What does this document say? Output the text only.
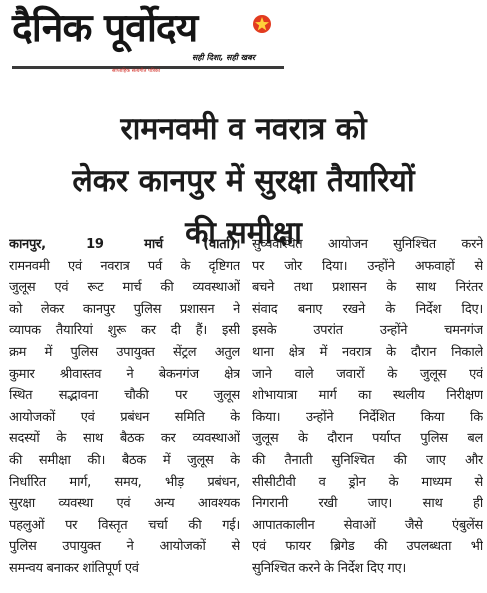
दैनिक पूर्वोदय
सही दिशा, सही खबर
साप्ताहिक सत्यगीत पत्रिका
रामनवमी व नवरात्र को
लेकर कानपुर में सुरक्षा तैयारियों
की समीक्षा
कानपुर, 19 मार्च (वार्ता)।
रामनवमी एवं नवरात्र पर्व के दृष्टिगत
जुलूस एवं रूट मार्च की व्यवस्थाओं
को लेकर कानपुर पुलिस प्रशासन ने
व्यापक तैयारियां शुरू कर दी हैं। इसी
क्रम में पुलिस उपायुक्त सेंट्रल अतुल
कुमार श्रीवास्तव ने बेकनगंज क्षेत्र
स्थित सद्भावना चौकी पर जुलूस
आयोजकों एवं प्रबंधन समिति के
सदस्यों के साथ बैठक कर व्यवस्थाओं
की समीक्षा की। बैठक में जुलूस के
निर्धारित मार्ग, समय, भीड़ प्रबंधन,
सुरक्षा व्यवस्था एवं अन्य आवश्यक
पहलुओं पर विस्तृत चर्चा की गई।
पुलिस उपायुक्त ने आयोजकों से
समन्वय बनाकर शांतिपूर्ण एवं
सुव्यवस्थित आयोजन सुनिश्चित करने
पर जोर दिया। उन्होंने अफवाहों से
बचने तथा प्रशासन के साथ निरंतर
संवाद बनाए रखने के निर्देश दिए।
इसके उपरांत उन्होंने चमनगंज
थाना क्षेत्र में नवरात्र के दौरान निकाले
जाने वाले जवारों के जुलूस एवं
शोभायात्रा मार्ग का स्थलीय निरीक्षण
किया। उन्होंने निर्देशित किया कि
जुलूस के दौरान पर्याप्त पुलिस बल
की तैनाती सुनिश्चित की जाए और
सीसीटीवी व ड्रोन के माध्यम से
निगरानी रखी जाए। साथ ही
आपातकालीन सेवाओं जैसे एंबुलेंस
एवं फायर ब्रिगेड की उपलब्धता भी
सुनिश्चित करने के निर्देश दिए गए।
